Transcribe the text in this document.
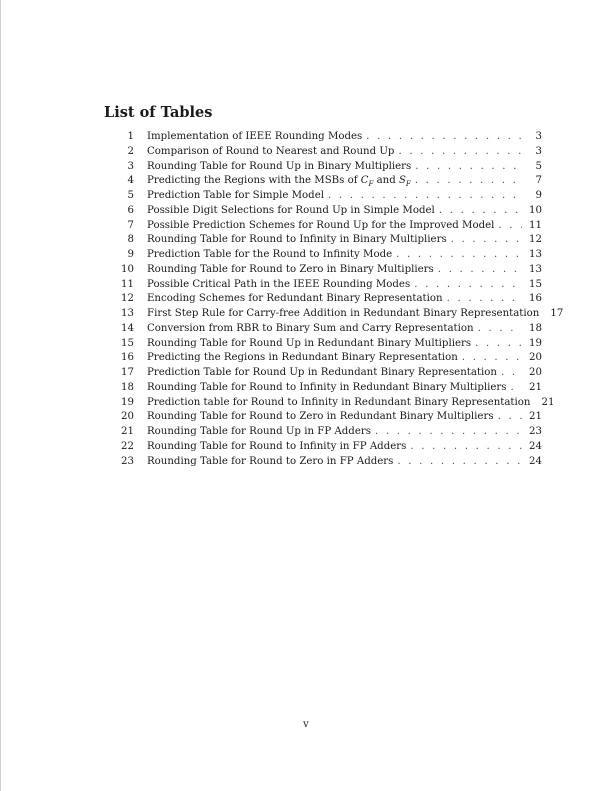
List of Tables
1 Implementation of IEEE Rounding Modes . . .	3
2 Comparison of Round to Nearest and Round Up . . .	3
3 Rounding Table for Round Up in Binary Multipliers . . .	5
4 Predicting the Regions with the MSBs of $C_F$ and $S_F$ . . .	7
5 Prediction Table for Simple Model . . .	9
6 Possible Digit Selections for Round Up in Simple Model . . .	10
7 Possible Prediction Schemes for Round Up for the Improved Model . . .	11
8 Rounding Table for Round to Infinity in Binary Multipliers . . .	12
9 Prediction Table for the Round to Infinity Mode . . .	13
10 Rounding Table for Round to Zero in Binary Multipliers . . .	13
11 Possible Critical Path in the IEEE Rounding Modes . . .	15
12 Encoding Schemes for Redundant Binary Representation . . .	16
13 First Step Rule for Carry-free Addition in Redundant Binary Representation 17
14 Conversion from RBR to Binary Sum and Carry Representation . . .	18
15 Rounding Table for Round Up in Redundant Binary Multipliers . . .	19
16 Predicting the Regions in Redundant Binary Representation . . .	20
17 Prediction Table for Round Up in Redundant Binary Representation . . .	20
18 Rounding Table for Round to Infinity in Redundant Binary Multipliers . . . 21
19 Prediction table for Round to Infinity in Redundant Binary Representation 21
20 Rounding Table for Round to Zero in Redundant Binary Multipliers . . .	21
21 Rounding Table for Round Up in FP Adders . . .	23
22 Rounding Table for Round to Infinity in FP Adders . . .	24
23 Rounding Table for Round to Zero in FP Adders . . .	24

v
